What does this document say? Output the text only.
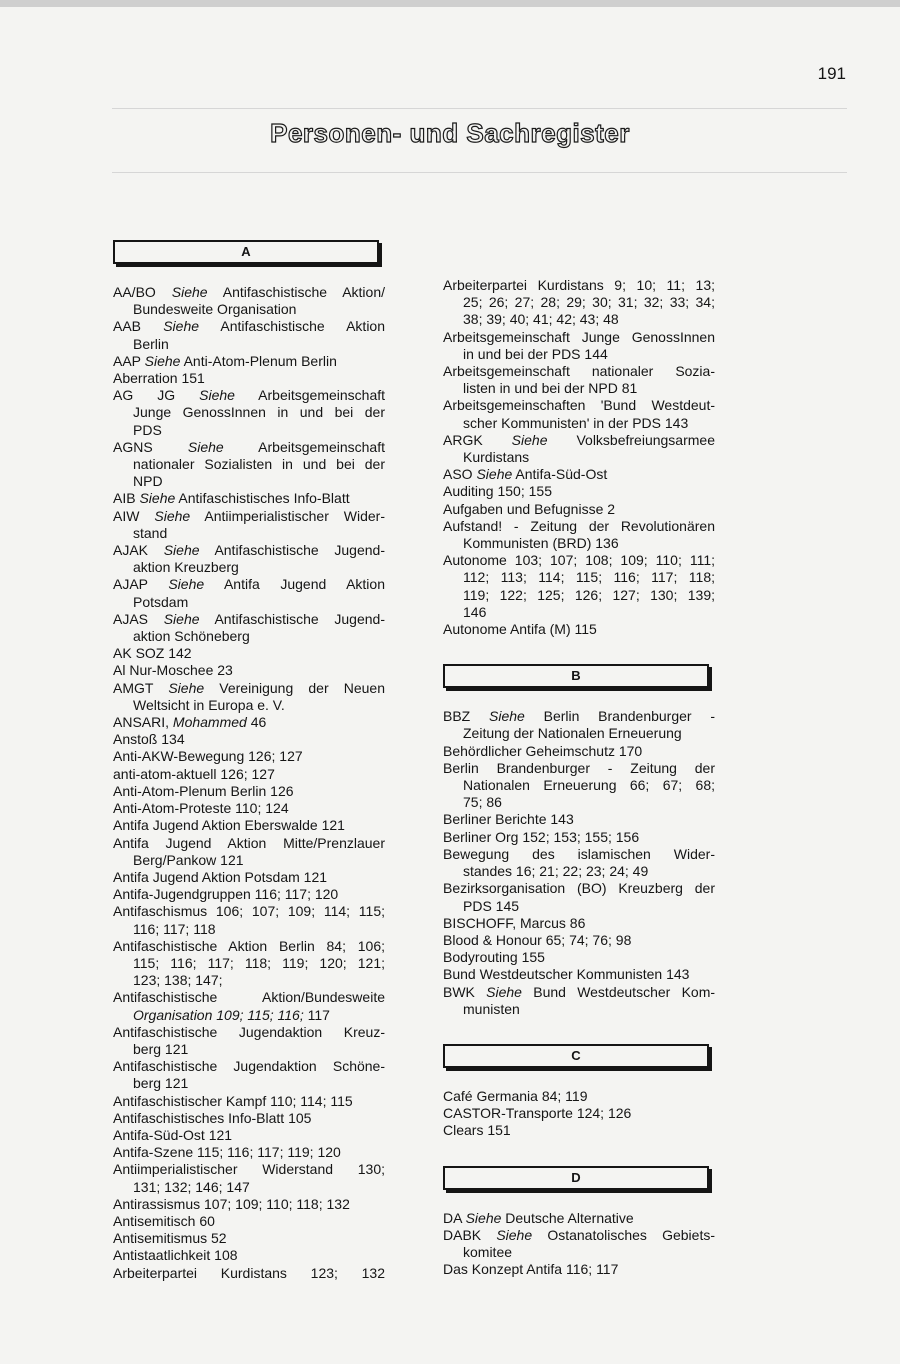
191
Personen- und Sachregister
A
AA/BO Siehe Antifaschistische Aktion/
Bundesweite Organisation
AAB Siehe Antifaschistische Aktion
Berlin
AAP Siehe Anti-Atom-Plenum Berlin
Aberration 151
AG JG Siehe Arbeitsgemeinschaft
Junge GenossInnen in und bei der
PDS
AGNS	Siehe Arbeitsgemeinschaft
nationaler Sozialisten in und bei der
NPD
AIB Siehe Antifaschistisches Info-Blatt
AIW Siehe Antiimperialistischer Wider-
stand
AJAK Siehe Antifaschistische Jugend-
aktion Kreuzberg
AJAP Siehe Antifa Jugend Aktion
Potsdam
AJAS Siehe Antifaschistische Jugend-
aktion Schöneberg
AK SOZ 142
Al Nur-Moschee 23
AMGT Siehe Vereinigung der Neuen
Weltsicht in Europa e. V.
ANSARI, Mohammed 46
Anstoß 134
Anti-AKW-Bewegung 126; 127
anti-atom-aktuell 126; 127
Anti-Atom-Plenum Berlin 126
Anti-Atom-Proteste 110; 124
Antifa Jugend Aktion Eberswalde 121
Antifa Jugend Aktion Mitte/Prenzlauer
Berg/Pankow 121
Antifa Jugend Aktion Potsdam 121
Antifa-Jugendgruppen 116; 117; 120
Antifaschismus 106; 107; 109; 114; 115;
116; 117; 118
Antifaschistische Aktion Berlin 84; 106;
115; 116; 117; 118; 119; 120; 121;
123; 138; 147;
Antifaschistische Aktion/Bundesweite
Organisation 109; 115; 116; 117
Antifaschistische Jugendaktion Kreuz-
berg 121
Antifaschistische Jugendaktion Schöne-
berg 121
Antifaschistischer Kampf 110; 114; 115
Antifaschistisches Info-Blatt 105
Antifa-Süd-Ost 121
Antifa-Szene 115; 116; 117; 119; 120
Antiimperialistischer Widerstand 130;
131; 132; 146; 147
Antirassismus 107; 109; 110; 118; 132
Antisemitisch 60
Antisemitismus 52
Antistaatlichkeit 108
Arbeiterpartei Kurdistans 123; 132
Arbeiterpartei Kurdistans 9; 10; 11; 13;
25; 26; 27; 28; 29; 30; 31; 32; 33; 34;
38; 39; 40; 41; 42; 43; 48
Arbeitsgemeinschaft Junge GenossInnen
in und bei der PDS 144
Arbeitsgemeinschaft nationaler Sozia-
listen in und bei der NPD 81
Arbeitsgemeinschaften 'Bund Westdeut-
scher Kommunisten' in der PDS 143
ARGK Siehe Volksbefreiungsarmee
Kurdistans
ASO Siehe Antifa-Süd-Ost
Auditing 150; 155
Aufgaben und Befugnisse 2
Aufstand! - Zeitung der Revolutionären
Kommunisten (BRD) 136
Autonome 103; 107; 108; 109; 110; 111;
112; 113; 114; 115; 116; 117; 118;
119; 122; 125; 126; 127; 130; 139;
146
Autonome Antifa (M) 115
B
BBZ Siehe Berlin Brandenburger -
Zeitung der Nationalen Erneuerung
Behördlicher Geheimschutz 170
Berlin Brandenburger - Zeitung der
Nationalen Erneuerung 66; 67; 68;
75; 86
Berliner Berichte 143
Berliner Org 152; 153; 155; 156
Bewegung des islamischen Wider-
standes 16; 21; 22; 23; 24; 49
Bezirksorganisation (BO) Kreuzberg der
PDS 145
BISCHOFF, Marcus 86
Blood & Honour 65; 74; 76; 98
Bodyrouting 155
Bund Westdeutscher Kommunisten 143
BWK Siehe Bund Westdeutscher Kom-
munisten
C
Café Germania 84; 119
CASTOR-Transporte 124; 126
Clears 151
D
DA Siehe Deutsche Alternative
DABK Siehe Ostanatolisches Gebiets-
komitee
Das Konzept Antifa 116; 117
